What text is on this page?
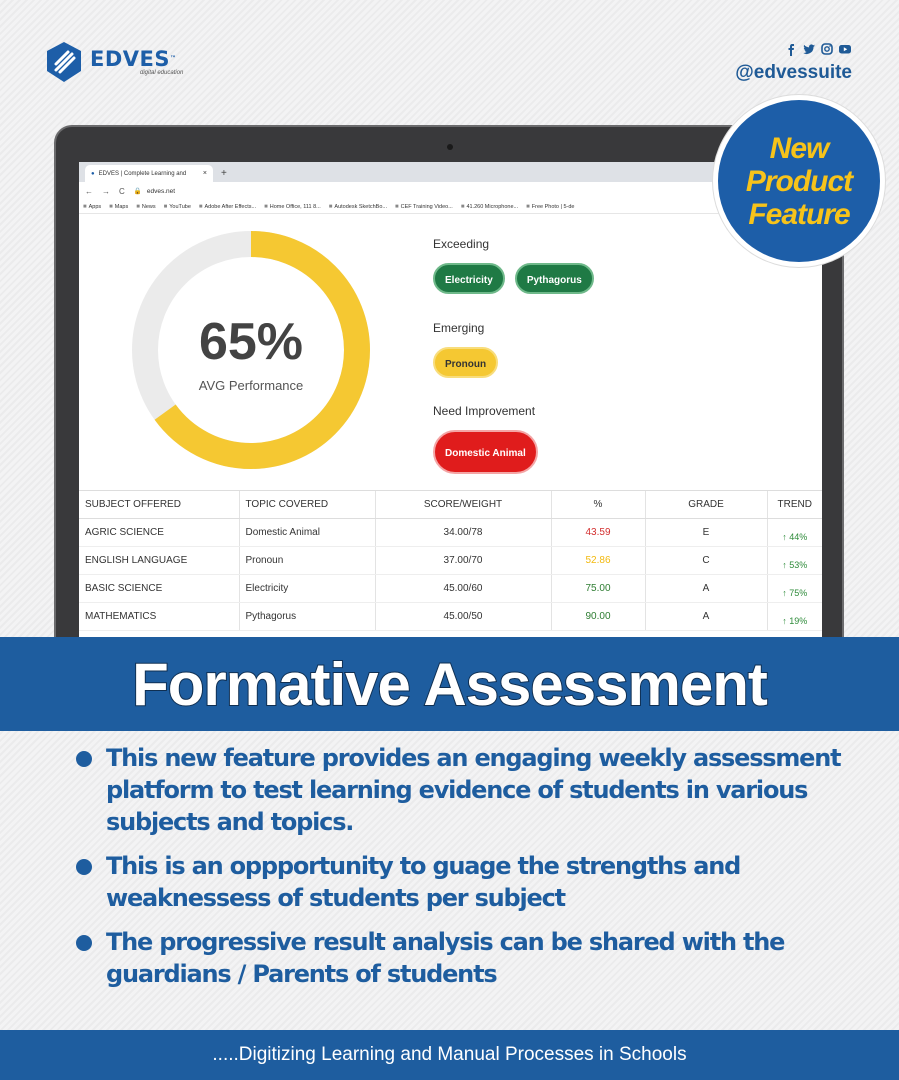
EDVES™
digital education	@edvessuite
● EDVES | Complete Learning and × +
← → C 🔒 edves.net
■ Apps	■ Maps	■ News	■ YouTube	■ Adobe After Effects...	■ Home Office, 111 8...	■ Autodesk SketchBo...	■ CEF Training Video...	■ 41.260 Microphone...	■ Free Photo | 5-de
65%
AVG Performance
Exceeding
Electricity	Pythagorus
Emerging
Pronoun
Need Improvement
Domestic Animal
SUBJECT OFFERED	TOPIC COVERED	SCORE/WEIGHT	%	GRADE	TREND
AGRIC SCIENCE	Domestic Animal	34.00/78	43.59	E	↑ 44%
ENGLISH LANGUAGE	Pronoun	37.00/70	52.86	C	↑ 53%
BASIC SCIENCE	Electricity	45.00/60	75.00	A	↑ 75%
MATHEMATICS	Pythagorus	45.00/50	90.00	A	↑ 19%
New
Product
Feature
Formative Assessment
This new feature provides an engaging weekly assessment platform to test learning evidence of students in various subjects and topics.
This is an oppportunity to guage the strengths and weaknessess of students per subject
The progressive result analysis can be shared with the guardians / Parents of students
.....Digitizing Learning and Manual Processes in Schools
